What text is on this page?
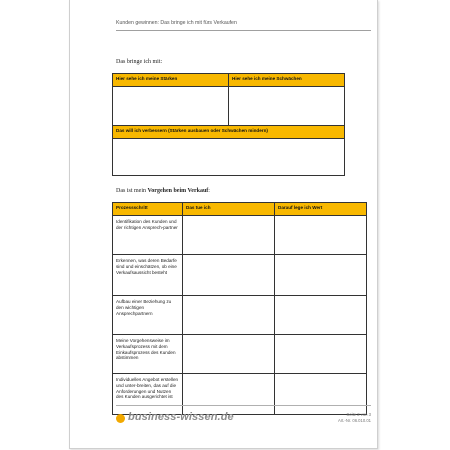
Kunden gewinnen: Das bringe ich mit fürs Verkaufen
Das bringe ich mit:
Hier sehe ich meine Stärken	Hier sehe ich meine Schwächen

Das will ich verbessern (Stärken ausbauen oder Schwächen mindern)

Das ist mein Vorgehen beim Verkauf:
Prozessschritt	Das tue ich	Darauf lege ich Wert
Identifikation des Kunden und der richtigen Ansprech-partner		
Erkennen, was deren Bedarfe sind und einschätzen, ob eine Verkaufsaussicht besteht		
Aufbau einer Beziehung zu den wichtigen Ansprechpartnern		
Meine Vorgehensweise im Verkaufsprozess mit dem Einkaufsprozess des Kunden abstimmen		
Individuelles Angebot erstellen und unter-breiten, das auf die Anforderungen und Nutzen des Kunden ausgerichtet ist		
business-wissen.de	Seite 2 von 3
Art.-Nr. 06.010.01
